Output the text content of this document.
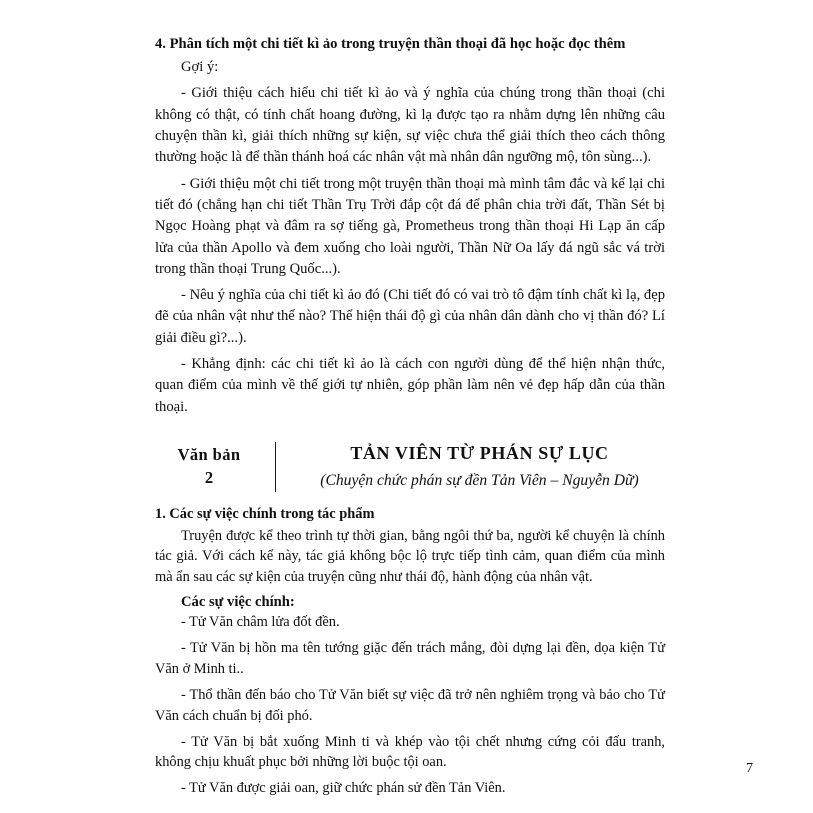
4. Phân tích một chi tiết kì ảo trong truyện thần thoại đã học hoặc đọc thêm

Gợi ý:

- Giới thiệu cách hiểu chi tiết kì ảo và ý nghĩa của chúng trong thần thoại (chi không có thật, có tính chất hoang đường, kì lạ được tạo ra nhằm dựng lên những câu chuyện thần kì, giải thích những sự kiện, sự việc chưa thể giải thích theo cách thông thường hoặc là để thần thánh hoá các nhân vật mà nhân dân ngưỡng mộ, tôn sùng...).

- Giới thiệu một chi tiết trong một truyện thần thoại mà mình tâm đắc và kể lại chi tiết đó (chẳng hạn chi tiết Thần Trụ Trời đắp cột đá để phân chia trời đất, Thần Sét bị Ngọc Hoàng phạt và đâm ra sợ tiếng gà, Prometheus trong thần thoại Hi Lạp ăn cấp lửa của thần Apollo và đem xuống cho loài người, Thần Nữ Oa lấy đá ngũ sắc vá trời trong thần thoại Trung Quốc...).

- Nêu ý nghĩa của chi tiết kì ảo đó (Chi tiết đó có vai trò tô đậm tính chất kì lạ, đẹp đẽ của nhân vật như thế nào? Thể hiện thái độ gì của nhân dân dành cho vị thần đó? Lí giải điều gì?...).

- Khẳng định: các chi tiết kì ảo là cách con người dùng để thể hiện nhận thức, quan điểm của mình về thế giới tự nhiên, góp phần làm nên vẻ đẹp hấp dẫn của thần thoại.

Văn bản
2
TẢN VIÊN TỪ PHÁN SỰ LỤC
(Chuyện chức phán sự đền Tản Viên – Nguyễn Dữ)
1. Các sự việc chính trong tác phẩm

Truyện được kể theo trình tự thời gian, bằng ngôi thứ ba, người kể chuyện là chính tác giả. Với cách kể này, tác giả không bộc lộ trực tiếp tình cảm, quan điểm của mình mà ẩn sau các sự kiện của truyện cũng như thái độ, hành động của nhân vật.

Các sự việc chính:

- Tử Văn châm lửa đốt đền.

- Tử Văn bị hồn ma tên tướng giặc đến trách mắng, đòi dựng lại đền, dọa kiện Tử Văn ở Minh ti..

- Thổ thần đến báo cho Tử Văn biết sự việc đã trở nên nghiêm trọng và bảo cho Tử Văn cách chuẩn bị đối phó.

- Tử Văn bị bắt xuống Minh ti và khép vào tội chết nhưng cứng cỏi đấu tranh, không chịu khuất phục bởi những lời buộc tội oan.

- Tử Văn được giải oan, giữ chức phán sử đền Tản Viên.

7
